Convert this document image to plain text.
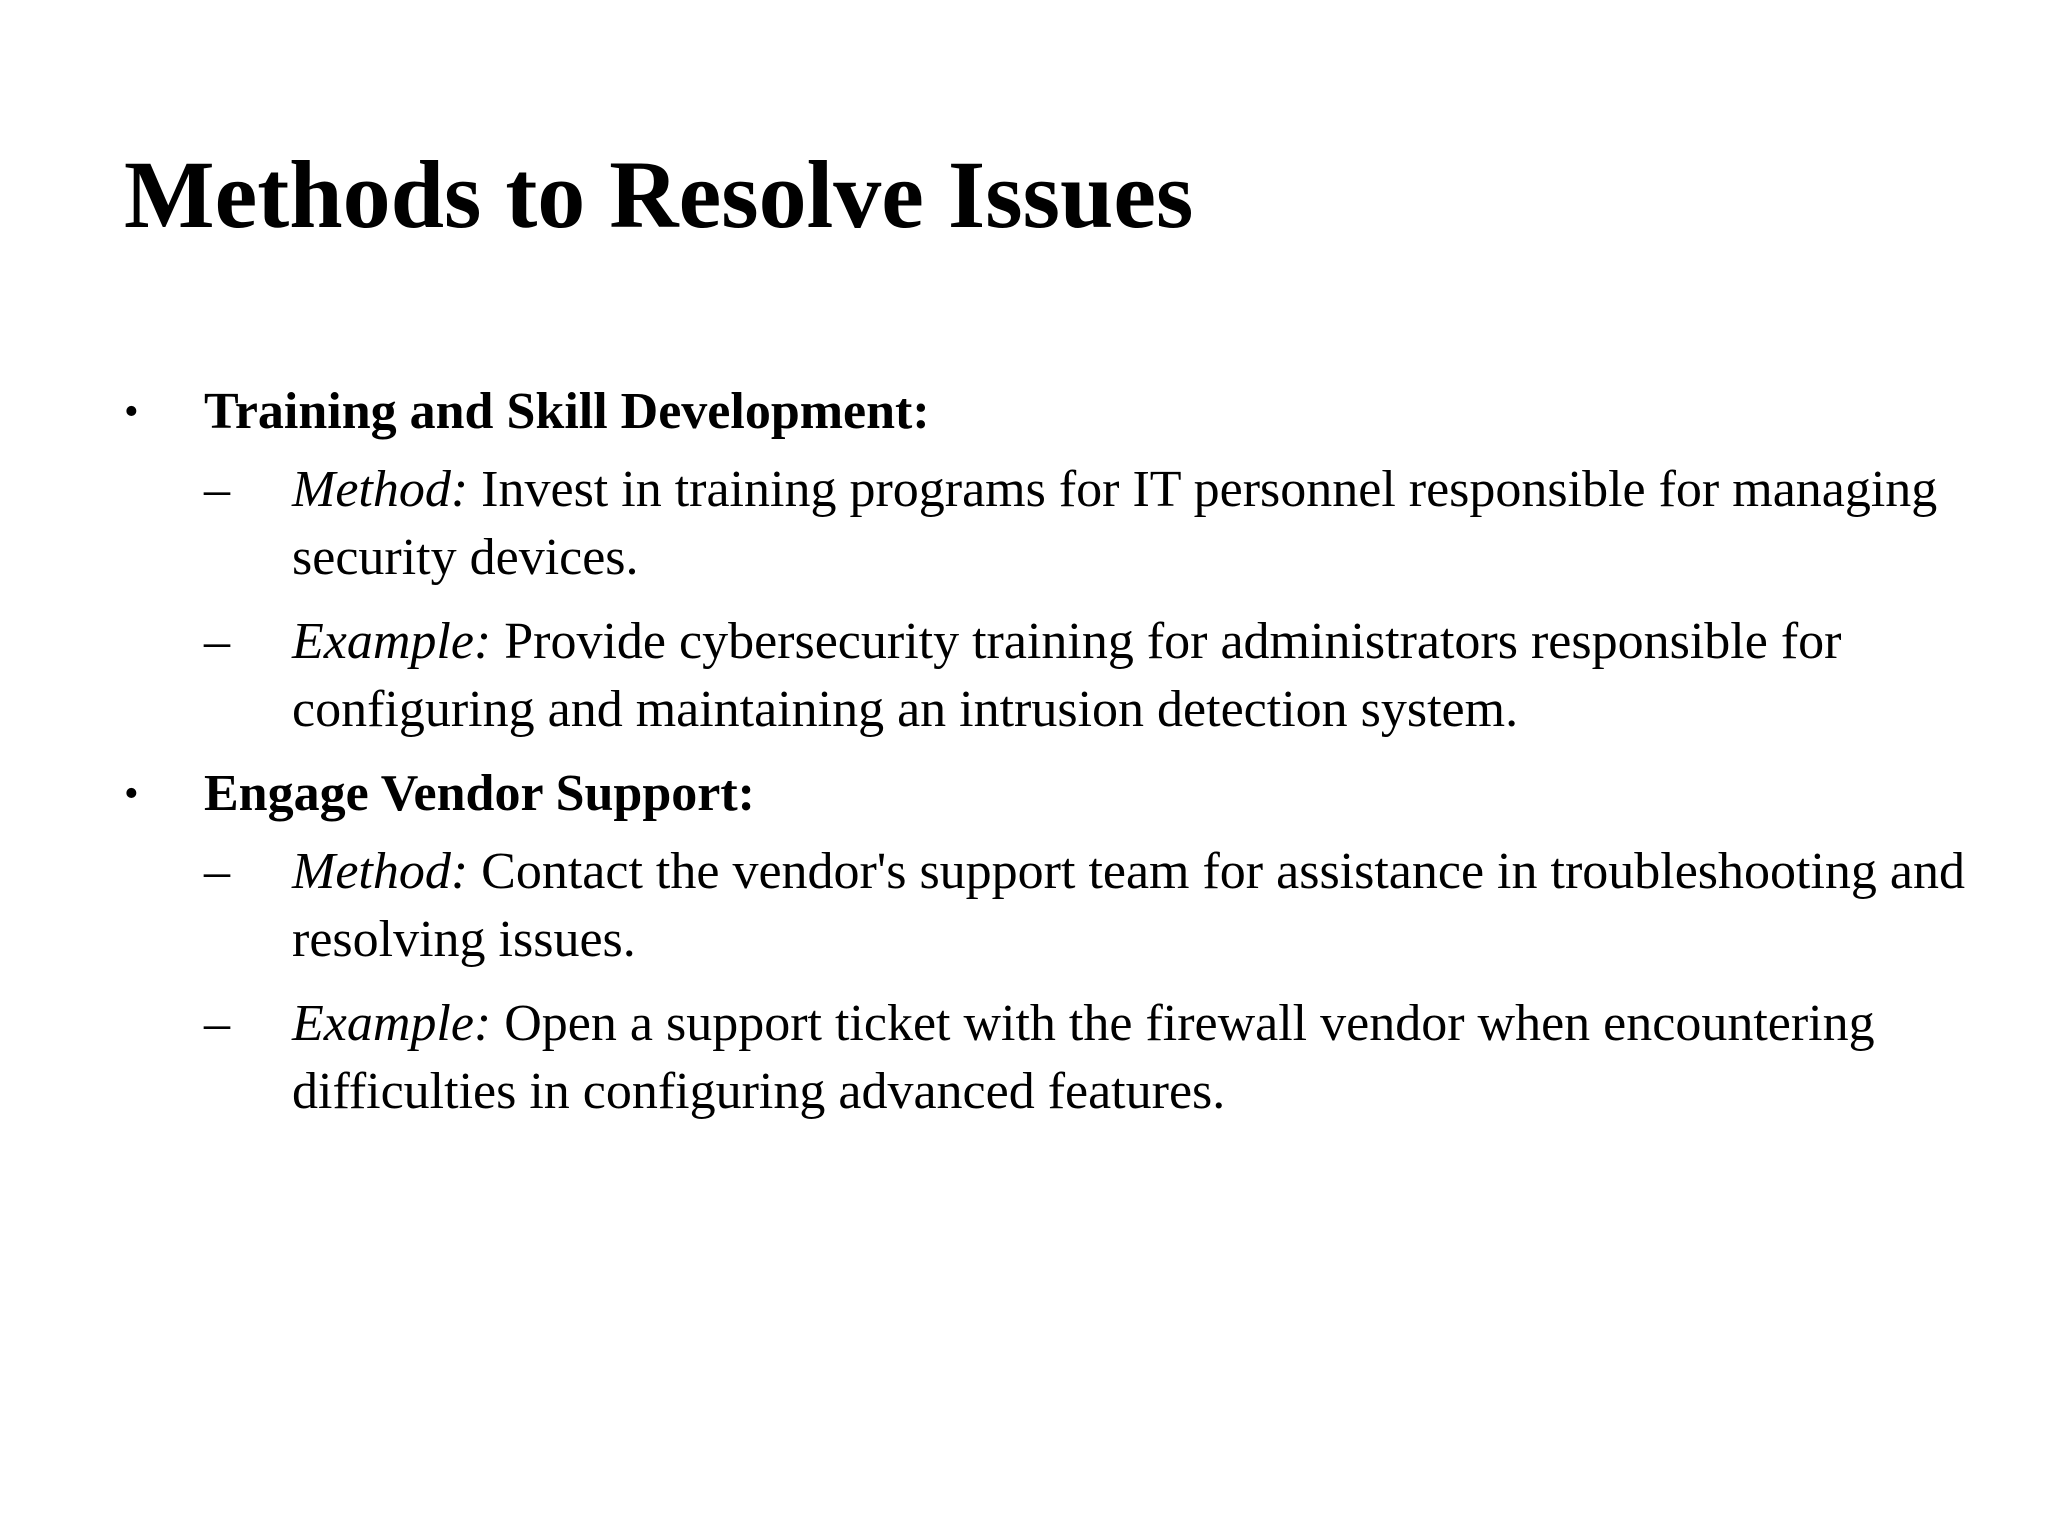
Methods to Resolve Issues
• Training and Skill Development:
– Method: Invest in training programs for IT personnel responsible for managing security devices.
– Example: Provide cybersecurity training for administrators responsible for configuring and maintaining an intrusion detection system.
• Engage Vendor Support:
– Method: Contact the vendor's support team for assistance in troubleshooting and resolving issues.
– Example: Open a support ticket with the firewall vendor when encountering difficulties in configuring advanced features.
